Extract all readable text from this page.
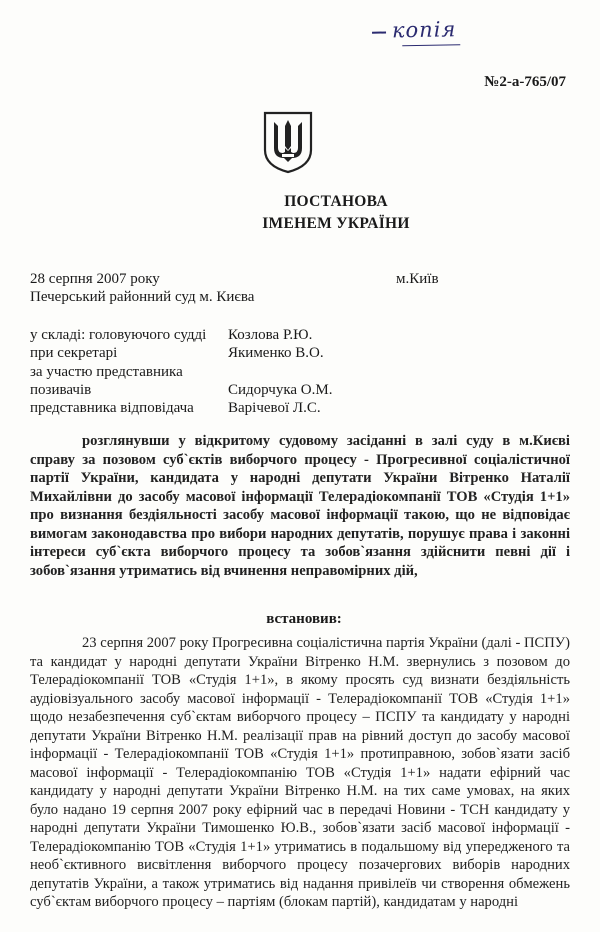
копія
№2-а-765/07
ПОСТАНОВА
ІМЕНЕМ УКРАЇНИ
28 серпня 2007 року	м.Київ
Печерський районний суд м. Києва
у складі: головуючого судді Козлова Р.Ю.
при секретарі	Якименко В.О.
за участю представника
позивачів	Сидорчука О.М.
представника відповідача Варічевої Л.С.
розглянувши у відкритому судовому засіданні в залі суду в м.Києві справу за позовом суб`єктів виборчого процесу - Прогресивної соціалістичної партії України, кандидата у народні депутати України Вітренко Наталії Михайлівни до засобу масової інформації Телерадіокомпанії ТОВ «Студія 1+1» про визнання бездіяльності засобу масової інформації такою, що не відповідає вимогам законодавства про вибори народних депутатів, порушує права і законні інтереси суб`єкта виборчого процесу та зобов`язання здійснити певні дії і зобов`язання утриматись від вчинення неправомірних дій,
встановив:
23 серпня 2007 року Прогресивна соціалістична партія України (далі - ПСПУ) та кандидат у народні депутати України Вітренко Н.М. звернулись з позовом до Телерадіокомпанії ТОВ «Студія 1+1», в якому просять суд визнати бездіяльність аудіовізуального засобу масової інформації - Телерадіокомпанії ТОВ «Студія 1+1» щодо незабезпечення суб`єктам виборчого процесу – ПСПУ та кандидату у народні депутати України Вітренко Н.М. реалізації прав на рівний доступ до засобу масової інформації - Телерадіокомпанії ТОВ «Студія 1+1» протиправною, зобов`язати засіб масової інформації - Телерадіокомпанію ТОВ «Студія 1+1» надати ефірний час кандидату у народні депутати України Вітренко Н.М. на тих саме умовах, на яких було надано 19 серпня 2007 року ефірний час в передачі Новини - ТСН кандидату у народні депутати України Тимошенко Ю.В., зобов`язати засіб масової інформації - Телерадіокомпанію ТОВ «Студія 1+1» утриматись в подальшому від упередженого та необ`єктивного висвітлення виборчого процесу позачергових виборів народних депутатів України, а також утриматись від надання привілеїв чи створення обмежень суб`єктам виборчого процесу – партіям (блокам партій), кандидатам у народні
